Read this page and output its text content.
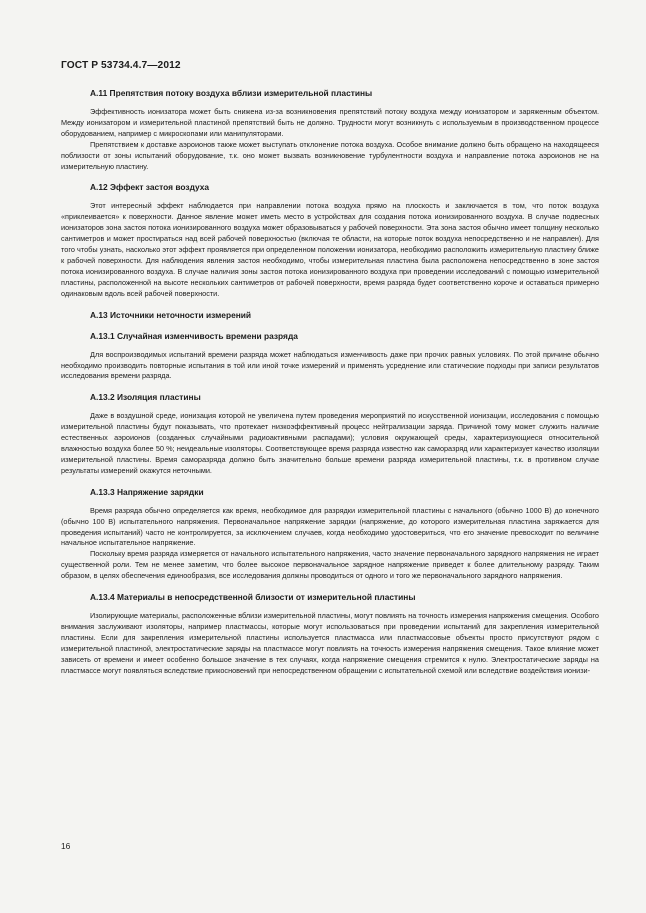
ГОСТ Р 53734.4.7—2012
А.11 Препятствия потоку воздуха вблизи измерительной пластины

Эффективность ионизатора может быть снижена из-за возникновения препятствий потоку воздуха между ионизатором и заряженным объектом. Между ионизатором и измерительной пластиной препятствий быть не должно. Трудности могут возникнуть с используемым в производственном процессе оборудованием, например с микроскопами или манипуляторами.

Препятствием к доставке аэроионов также может выступать отклонение потока воздуха. Особое внимание должно быть обращено на находящееся поблизости от зоны испытаний оборудование, т.к. оно может вызвать возникновение турбулентности воздуха и направление потока аэроионов не на измерительную пластину.

А.12 Эффект застоя воздуха

Этот интересный эффект наблюдается при направлении потока воздуха прямо на плоскость и заключается в том, что поток воздуха «приклеивается» к поверхности. Данное явление может иметь место в устройствах для создания потока ионизированного воздуха. В случае подвесных ионизаторов зона застоя потока ионизированного воздуха может образовываться у рабочей поверхности. Эта зона застоя обычно имеет толщину несколько сантиметров и может простираться над всей рабочей поверхностью (включая те области, на которые поток воздуха непосредственно и не направлен). Для того чтобы узнать, насколько этот эффект проявляется при определенном положении ионизатора, необходимо расположить измерительную пластину ближе к рабочей поверхности. Для наблюдения явления застоя необходимо, чтобы измерительная пластина была расположена непосредственно в зоне застоя потока ионизированного воздуха. В случае наличия зоны застоя потока ионизированного воздуха при проведении исследований с помощью измерительной пластины, расположенной на высоте нескольких сантиметров от рабочей поверхности, время разряда будет соответственно короче и оставаться примерно одинаковым вдоль всей рабочей поверхности.

А.13 Источники неточности измерений
А.13.1 Случайная изменчивость времени разряда

Для воспроизводимых испытаний времени разряда может наблюдаться изменчивость даже при прочих равных условиях. По этой причине обычно необходимо производить повторные испытания в той или иной точке измерений и применять усреднение или статические подходы при записи результатов исследования времени разряда.

А.13.2 Изоляция пластины

Даже в воздушной среде, ионизация которой не увеличена путем проведения мероприятий по искусственной ионизации, исследования с помощью измерительной пластины будут показывать, что протекает низкоэффективный процесс нейтрализации заряда. Причиной тому может служить наличие естественных аэроионов (созданных случайными радиоактивными распадами); условия окружающей среды, характеризующиеся относительной влажностью воздуха более 50 %; неидеальные изоляторы. Соответствующее время разряда известно как саморазряд или характеризует качество изоляции измерительной пластины. Время саморазряда должно быть значительно больше времени разряда измерительной пластины, т.к. в противном случае результаты измерений окажутся неточными.

А.13.3 Напряжение зарядки

Время разряда обычно определяется как время, необходимое для разрядки измерительной пластины с начального (обычно 1000 В) до конечного (обычно 100 В) испытательного напряжения. Первоначальное напряжение зарядки (напряжение, до которого измерительная пластина заряжается для проведения испытаний) часто не контролируется, за исключением случаев, когда необходимо удостовериться, что его значение превосходит по величине начальное испытательное напряжение.

Поскольку время разряда измеряется от начального испытательного напряжения, часто значение первоначального зарядного напряжения не играет существенной роли. Тем не менее заметим, что более высокое первоначальное зарядное напряжение приведет к более длительному разряду. Таким образом, в целях обеспечения единообразия, все исследования должны проводиться от одного и того же первоначального зарядного напряжения.

А.13.4 Материалы в непосредственной близости от измерительной пластины

Изолирующие материалы, расположенные вблизи измерительной пластины, могут повлиять на точность измерения напряжения смещения. Особого внимания заслуживают изоляторы, например пластмассы, которые могут использоваться при проведении испытаний для закрепления измерительной пластины. Если для закрепления измерительной пластины используется пластмасса или пластмассовые объекты просто присутствуют рядом с измерительной пластиной, электростатические заряды на пластмассе могут повлиять на точность измерения напряжения смещения. Такое влияние может зависеть от времени и имеет особенно большое значение в тех случаях, когда напряжение смещения стремится к нулю. Электростатические заряды на пластмассе могут появляться вследствие прикосновений при непосредственном обращении с испытательной схемой или вследствие воздействия ионизи-

16
